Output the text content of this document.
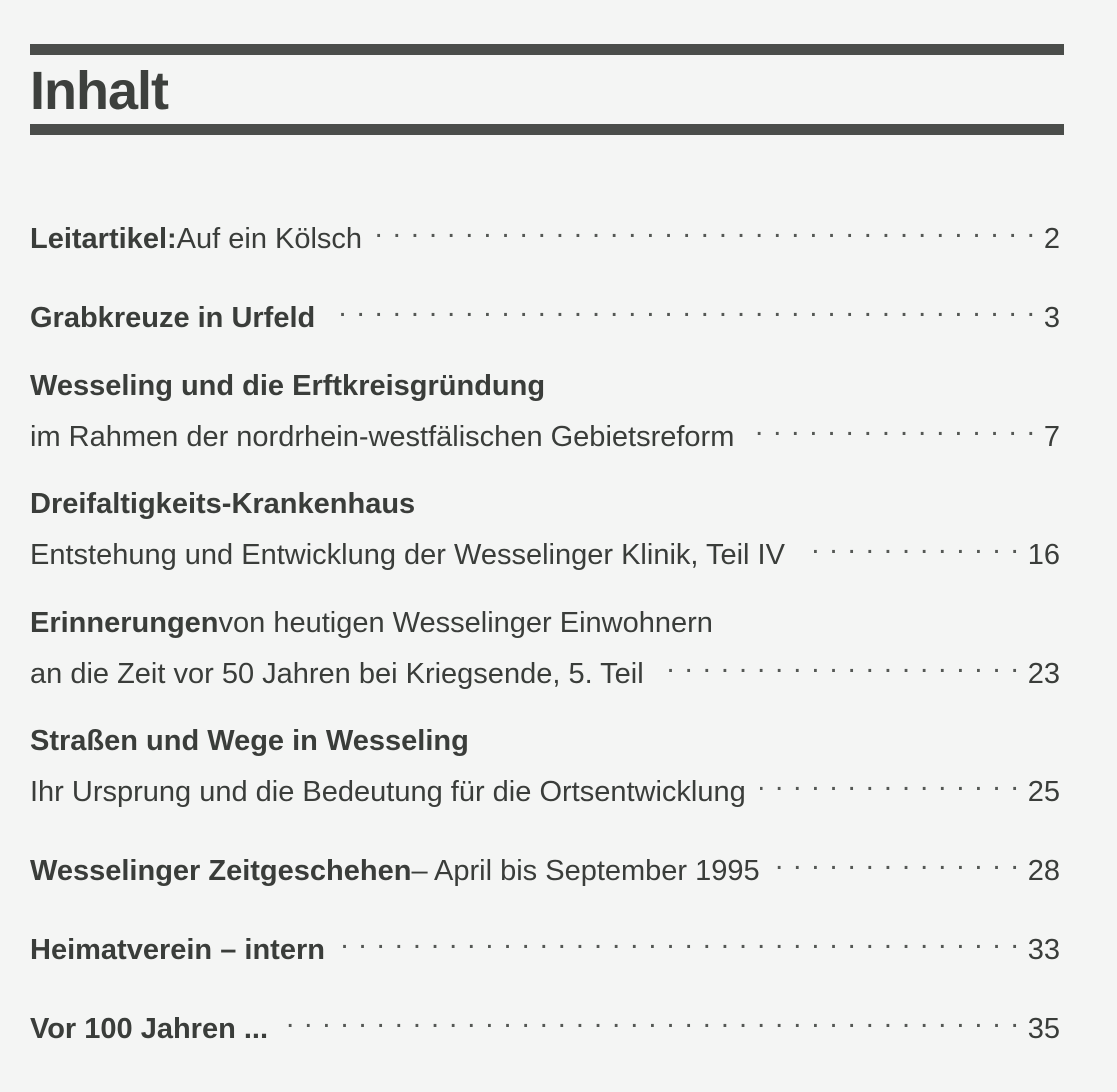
Inhalt
Leitartikel: Auf ein Kölsch . . .	2
Grabkreuze in Urfeld . . .	3
Wesseling und die Erftkreisgründung
im Rahmen der nordrhein-westfälischen Gebietsreform . . .	7
Dreifaltigkeits-Krankenhaus
Entstehung und Entwicklung der Wesselinger Klinik, Teil IV . . .	16
Erinnerungen von heutigen Wesselinger Einwohnern
an die Zeit vor 50 Jahren bei Kriegsende, 5. Teil . . .	23
Straßen und Wege in Wesseling
Ihr Ursprung und die Bedeutung für die Ortsentwicklung . . .	25
Wesselinger Zeitgeschehen – April bis September 1995 . . .	28
Heimatverein – intern . . .	33
Vor 100 Jahren ... . . .	35
